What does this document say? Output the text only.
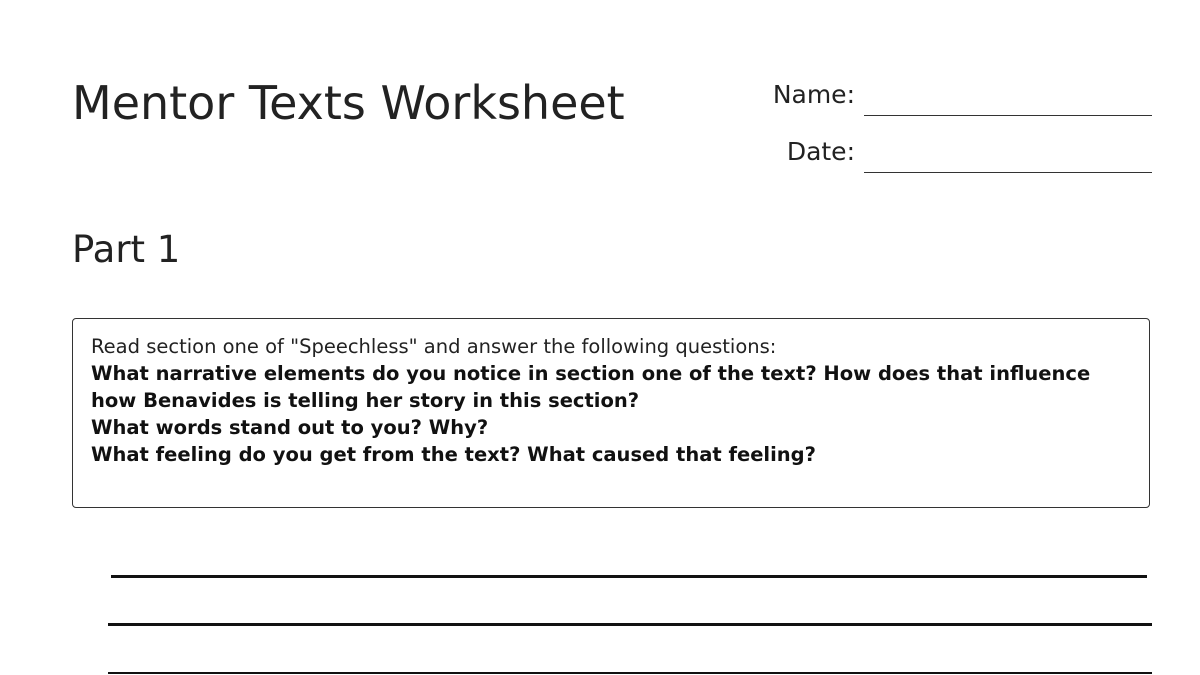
Mentor Texts Worksheet	Name:
Date:
Part 1
Read section one of "Speechless" and answer the following questions:
What narrative elements do you notice in section one of the text? How does that influence how Benavides is telling her story in this section?
What words stand out to you? Why?
What feeling do you get from the text? What caused that feeling?
